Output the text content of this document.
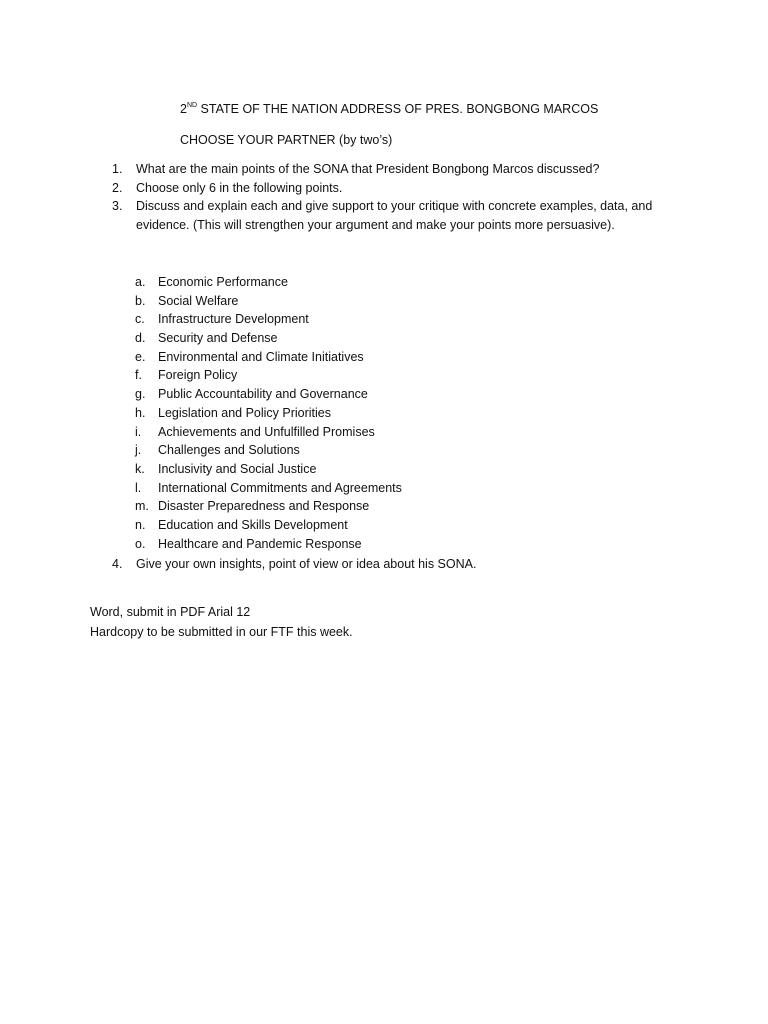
2ND STATE OF THE NATION ADDRESS OF PRES. BONGBONG MARCOS
CHOOSE YOUR PARTNER (by two’s)
1. What are the main points of the SONA that President Bongbong Marcos discussed?
2. Choose only 6 in the following points.
3. Discuss and explain each and give support to your critique with concrete examples, data, and evidence. (This will strengthen your argument and make your points more persuasive).
a. Economic Performance
b. Social Welfare
c. Infrastructure Development
d. Security and Defense
e. Environmental and Climate Initiatives
f. Foreign Policy
g. Public Accountability and Governance
h. Legislation and Policy Priorities
i. Achievements and Unfulfilled Promises
j. Challenges and Solutions
k. Inclusivity and Social Justice
l. International Commitments and Agreements
m. Disaster Preparedness and Response
n. Education and Skills Development
o. Healthcare and Pandemic Response
4. Give your own insights, point of view or idea about his SONA.
Word, submit in PDF Arial 12
Hardcopy to be submitted in our FTF this week.
